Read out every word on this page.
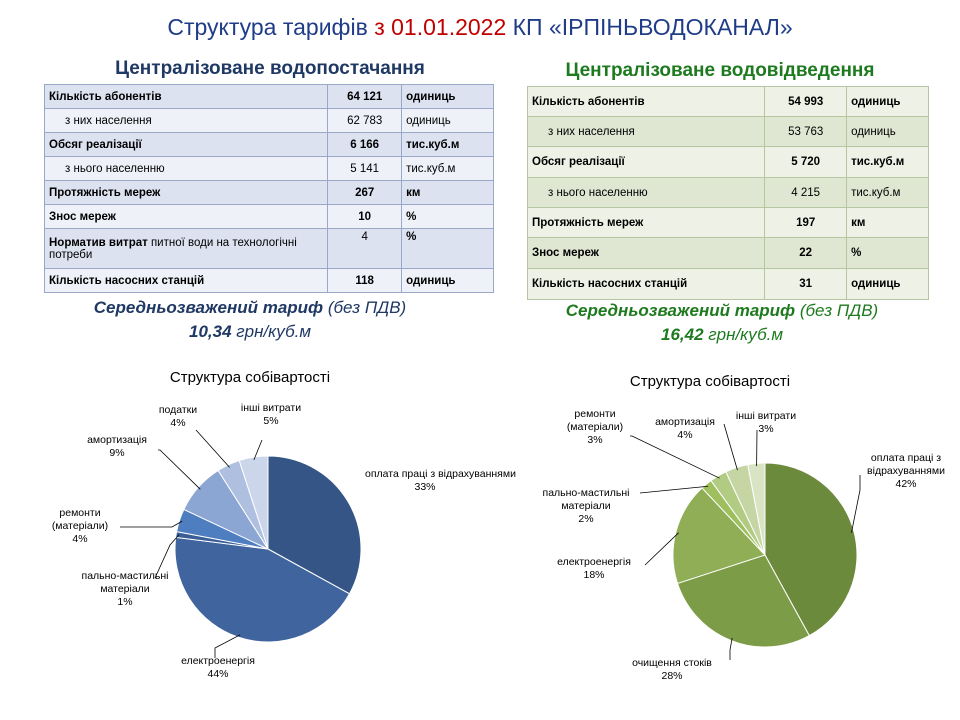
Структура тарифів з 01.01.2022 КП «ІРПІНЬВОДОКАНАЛ»
Централізоване водопостачання
Кількість абонентів	64 121	одиниць
з них населення	62 783	одиниць
Обсяг реалізації	6 166	тис.куб.м
з нього населенню	5 141	тис.куб.м
Протяжність мереж	267	км
Знос мереж	10	%
Норматив витрат питної води на технологічні потреби	4	%
Кількість насосних станцій	118	одиниць
Середньозважений тариф (без ПДВ)
10,34 грн/куб.м
Централізоване водовідведення
Кількість абонентів	54 993	одиниць
з них населення	53 763	одиниць
Обсяг реалізації	5 720	тис.куб.м
з нього населенню	4 215	тис.куб.м
Протяжність мереж	197	км
Знос мереж	22	%
Кількість насосних станцій	31	одиниць
Середньозважений тариф (без ПДВ)
16,42 грн/куб.м
Структура собівартості	Структура собівартості
оплата праці з відрахуваннями
33%
електроенергія
44%
пально-мастильні матеріали
1%
ремонти (матеріали)
4%
амортизація
9%
податки
4%
інші витрати
5%
оплата праці з відрахуваннями
42%
очищення стоків
28%
електроенергія
18%
пально-мастильні матеріали
2%
ремонти (матеріали)
3%
амортизація
4%
інші витрати
3%
